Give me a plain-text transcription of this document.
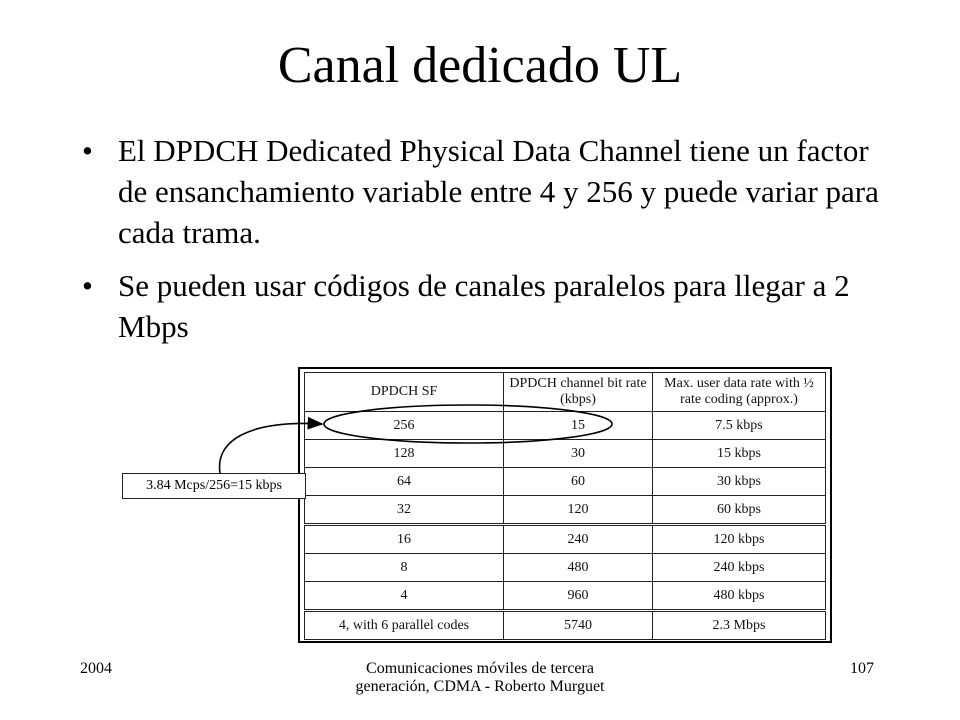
Canal dedicado UL
• El DPDCH Dedicated Physical Data Channel tiene un factor de ensanchamiento variable entre 4 y 256 y puede variar para cada trama.
• Se pueden usar códigos de canales paralelos para llegar a 2 Mbps
DPDCH SF	DPDCH channel bit rate (kbps)	Max. user data rate with ½ rate coding (approx.)
256	15	7.5 kbps
128	30	15 kbps
64	60	30 kbps
32	120	60 kbps
16	240	120 kbps
8	480	240 kbps
4	960	480 kbps
4, with 6 parallel codes	5740	2.3 Mbps
3.84 Mcps/256=15 kbps
2004	Comunicaciones móviles de tercera generación, CDMA - Roberto Murguet
107
